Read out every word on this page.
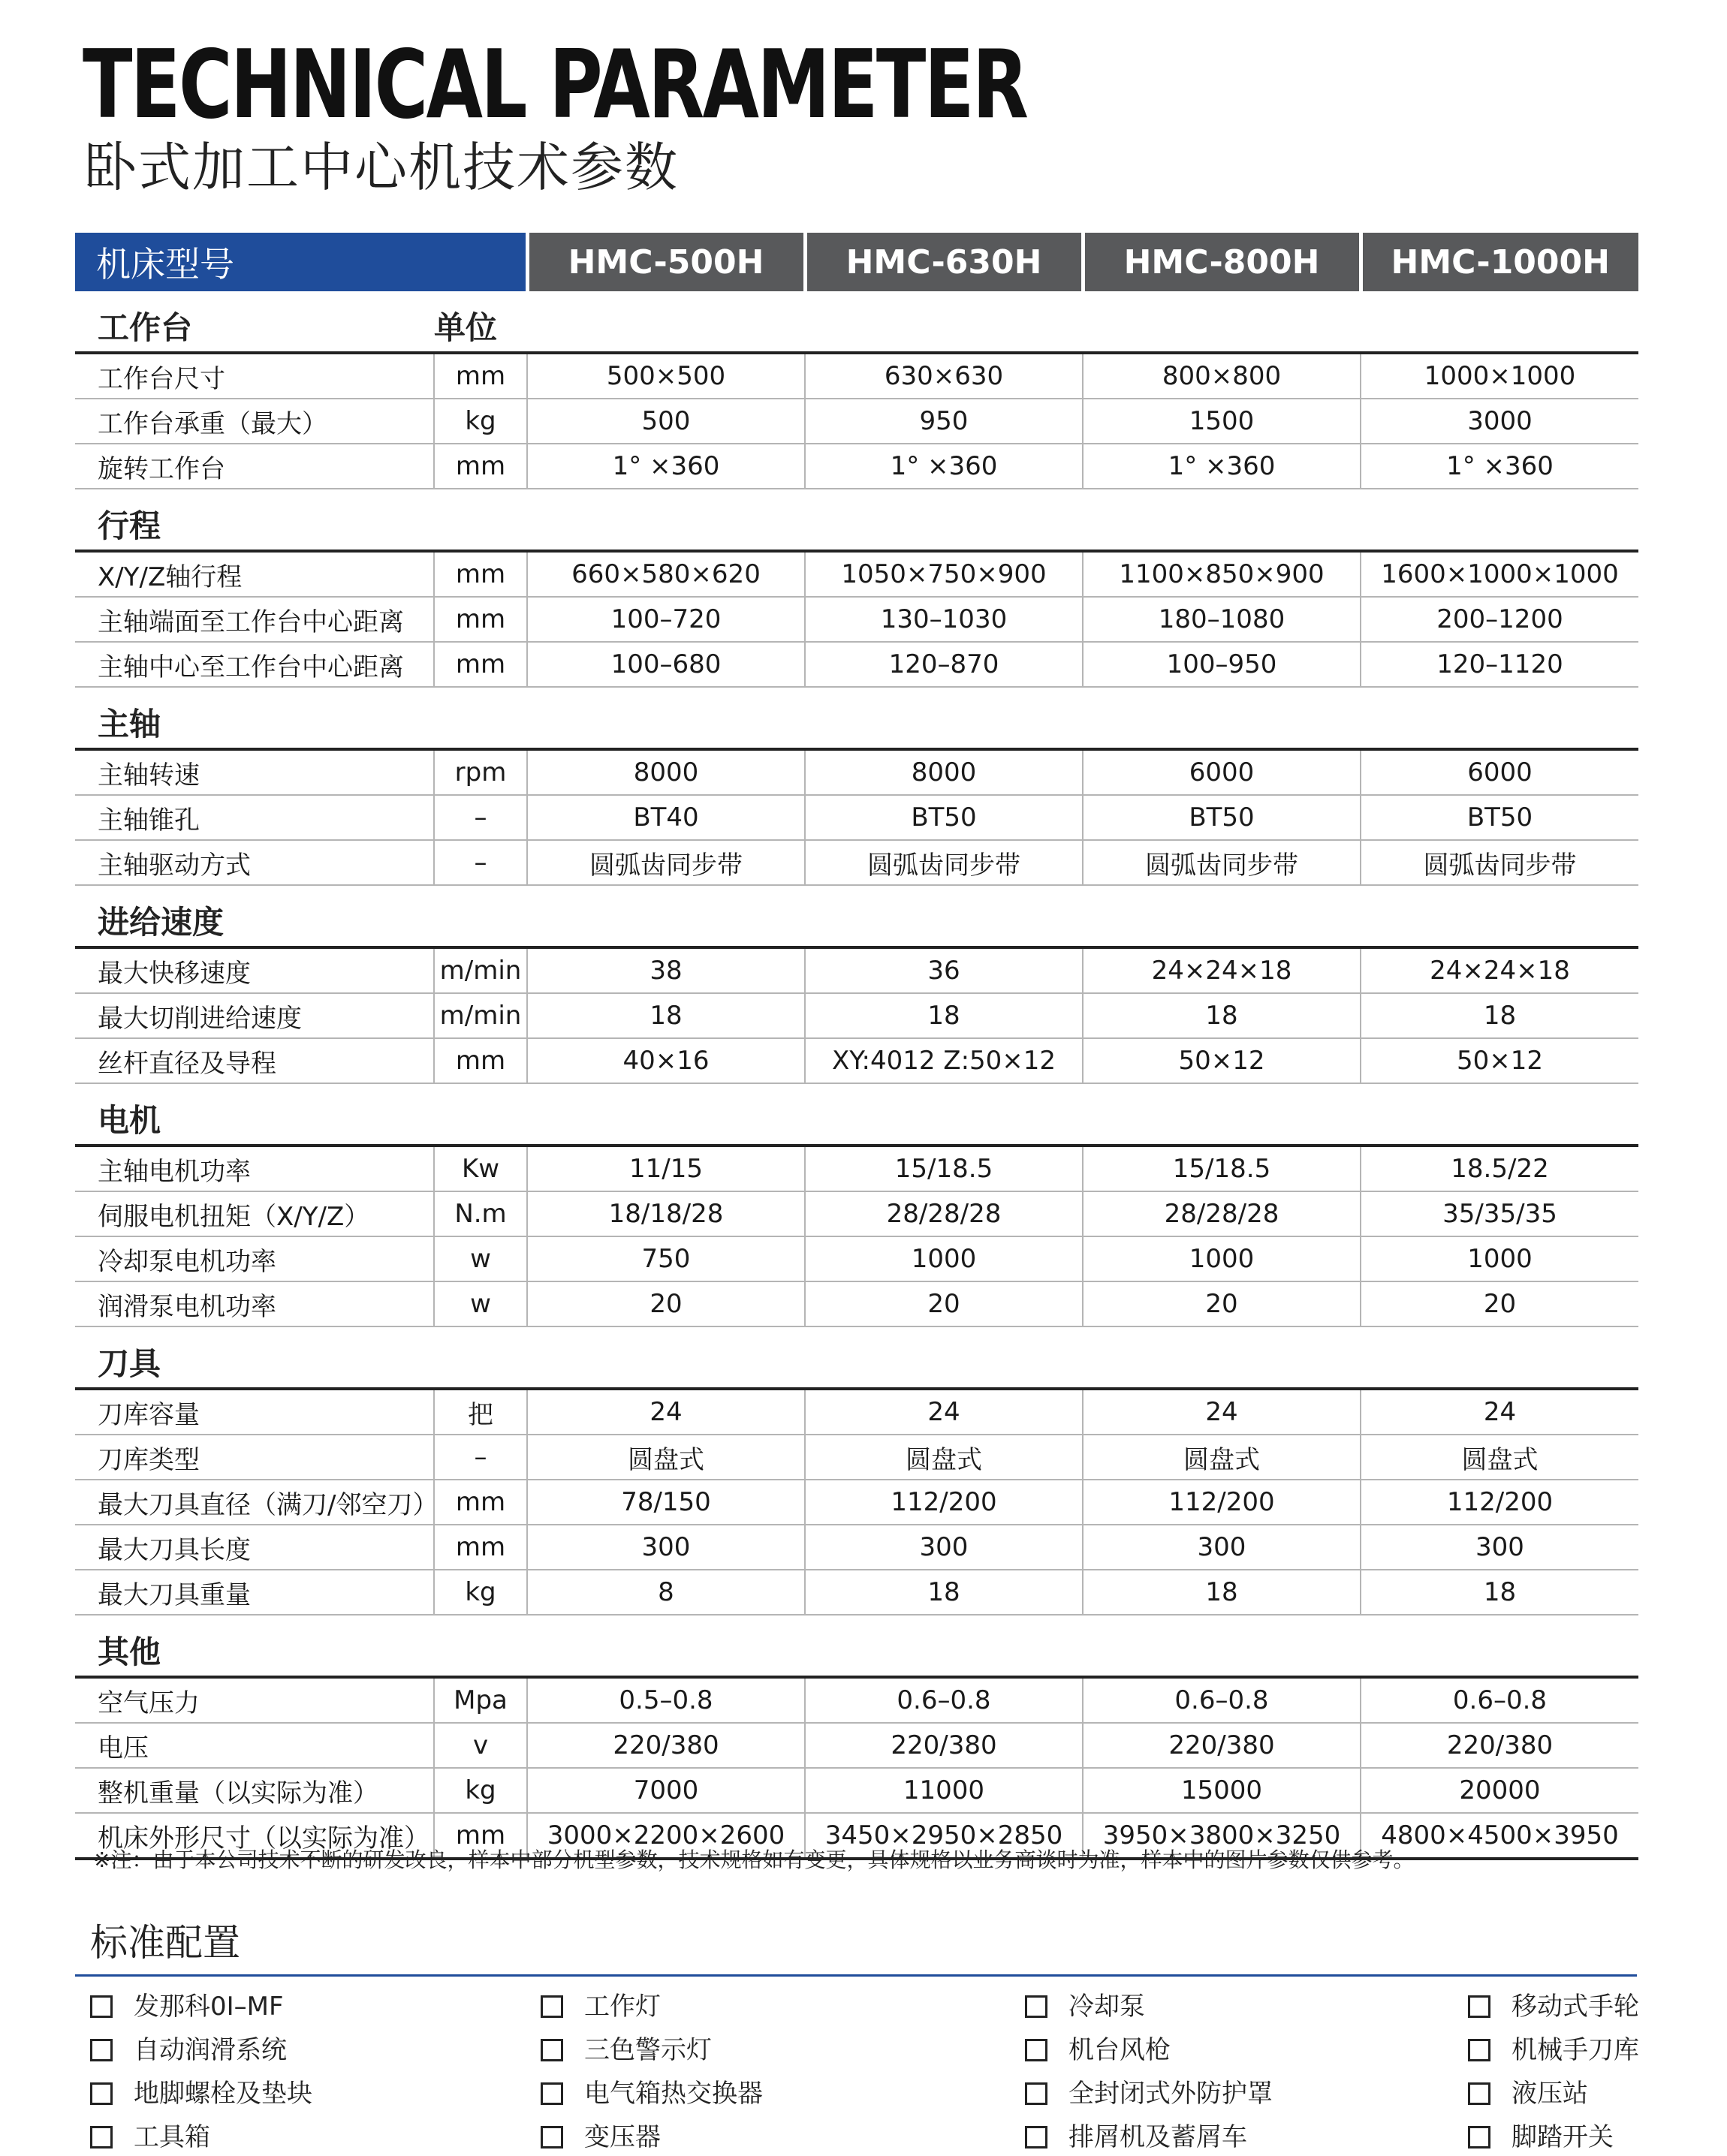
TECHNICAL PARAMETER
卧式加工中心机技术参数
机床型号		HMC-500H	HMC-630H	HMC-800H	HMC-1000H
工作台	单位				
工作台尺寸	mm	500×500	630×630	800×800	1000×1000
工作台承重（最大）	kg	500	950	1500	3000
旋转工作台	mm	1° ×360	1° ×360	1° ×360	1° ×360
行程					
X/Y/Z轴行程	mm	660×580×620	1050×750×900	1100×850×900	1600×1000×1000
主轴端面至工作台中心距离	mm	100–720	130–1030	180–1080	200–1200
主轴中心至工作台中心距离	mm	100–680	120–870	100–950	120–1120
主轴					
主轴转速	rpm	8000	8000	6000	6000
主轴锥孔	–	BT40	BT50	BT50	BT50
主轴驱动方式	–	圆弧齿同步带	圆弧齿同步带	圆弧齿同步带	圆弧齿同步带
进给速度					
最大快移速度	m/min	38	36	24×24×18	24×24×18
最大切削进给速度	m/min	18	18	18	18
丝杆直径及导程	mm	40×16	XY:4012 Z:50×12	50×12	50×12
电机					
主轴电机功率	Kw	11/15	15/18.5	15/18.5	18.5/22
伺服电机扭矩（X/Y/Z）	N.m	18/18/28	28/28/28	28/28/28	35/35/35
冷却泵电机功率	w	750	1000	1000	1000
润滑泵电机功率	w	20	20	20	20
刀具					
刀库容量	把	24	24	24	24
刀库类型	–	圆盘式	圆盘式	圆盘式	圆盘式
最大刀具直径（满刀/邻空刀）	mm	78/150	112/200	112/200	112/200
最大刀具长度	mm	300	300	300	300
最大刀具重量	kg	8	18	18	18
其他					
空气压力	Mpa	0.5–0.8	0.6–0.8	0.6–0.8	0.6–0.8
电压	v	220/380	220/380	220/380	220/380
整机重量（以实际为准）	kg	7000	11000	15000	20000
机床外形尺寸（以实际为准）	mm	3000×2200×2600	3450×2950×2850	3950×3800×3250	4800×4500×3950

※注：由于本公司技术不断的研发改良，样本中部分机型参数，技术规格如有变更，具体规格以业务商谈时为准，样本中的图片参数仅供参考。

标准配置
发那科0I–MF
自动润滑系统
地脚螺栓及垫块
工具箱
工作灯
三色警示灯
电气箱热交换器
变压器
冷却泵
机台风枪
全封闭式外防护罩
排屑机及蓄屑车
移动式手轮
机械手刀库
液压站
脚踏开关
